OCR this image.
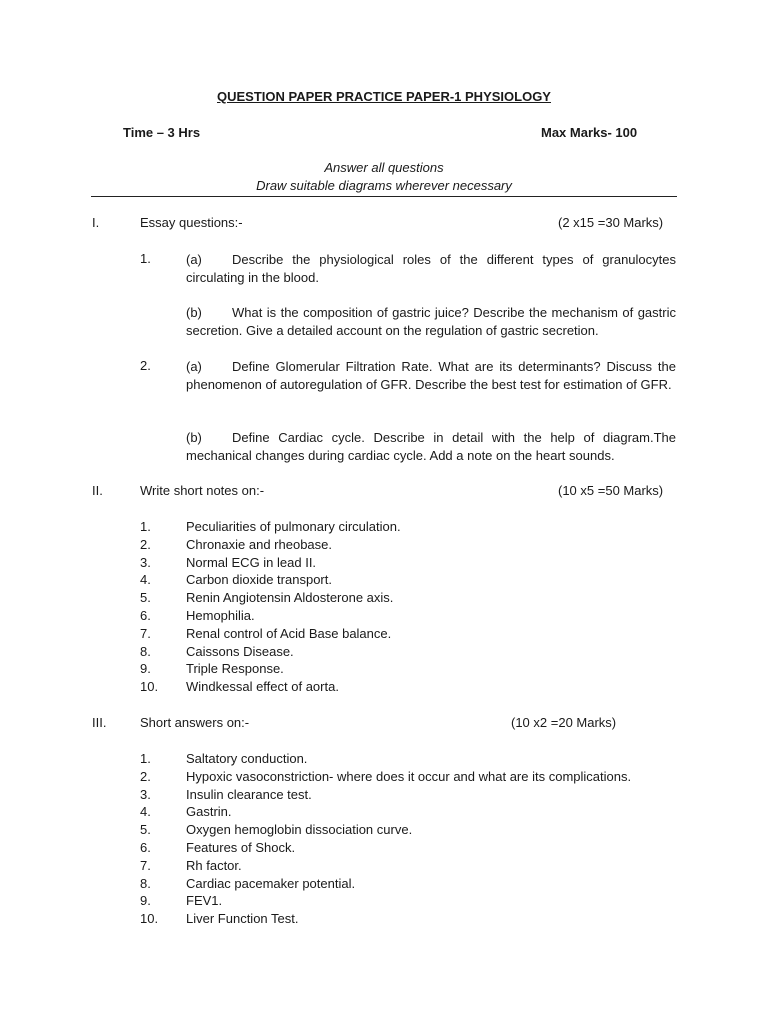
QUESTION PAPER PRACTICE PAPER-1 PHYSIOLOGY
Time – 3 Hrs	Max Marks- 100
Answer all questions
Draw suitable diagrams wherever necessary
I.	Essay questions:-	(2 x15 =30 Marks)
1.	(a) Describe the physiological roles of the different types of granulocytes circulating in the blood.
(b) What is the composition of gastric juice? Describe the mechanism of gastric secretion. Give a detailed account on the regulation of gastric secretion.
2.	(a) Define Glomerular Filtration Rate. What are its determinants? Discuss the phenomenon of autoregulation of GFR. Describe the best test for estimation of GFR.
(b) Define Cardiac cycle. Describe in detail with the help of diagram.The mechanical changes during cardiac cycle. Add a note on the heart sounds.
II.	Write short notes on:-	(10 x5 =50 Marks)
1.	Peculiarities of pulmonary circulation.
2.	Chronaxie and rheobase.
3.	Normal ECG in lead II.
4.	Carbon dioxide transport.
5.	Renin Angiotensin Aldosterone axis.
6.	Hemophilia.
7.	Renal control of Acid Base balance.
8.	Caissons Disease.
9.	Triple Response.
10. Windkessal effect of aorta.
III.	Short answers on:-	(10 x2 =20 Marks)
1.	Saltatory conduction.
2.	Hypoxic vasoconstriction- where does it occur and what are its complications.
3.	Insulin clearance test.
4.	Gastrin.
5.	Oxygen hemoglobin dissociation curve.
6.	Features of Shock.
7.	Rh factor.
8.	Cardiac pacemaker potential.
9.	FEV1.
10. Liver Function Test.
